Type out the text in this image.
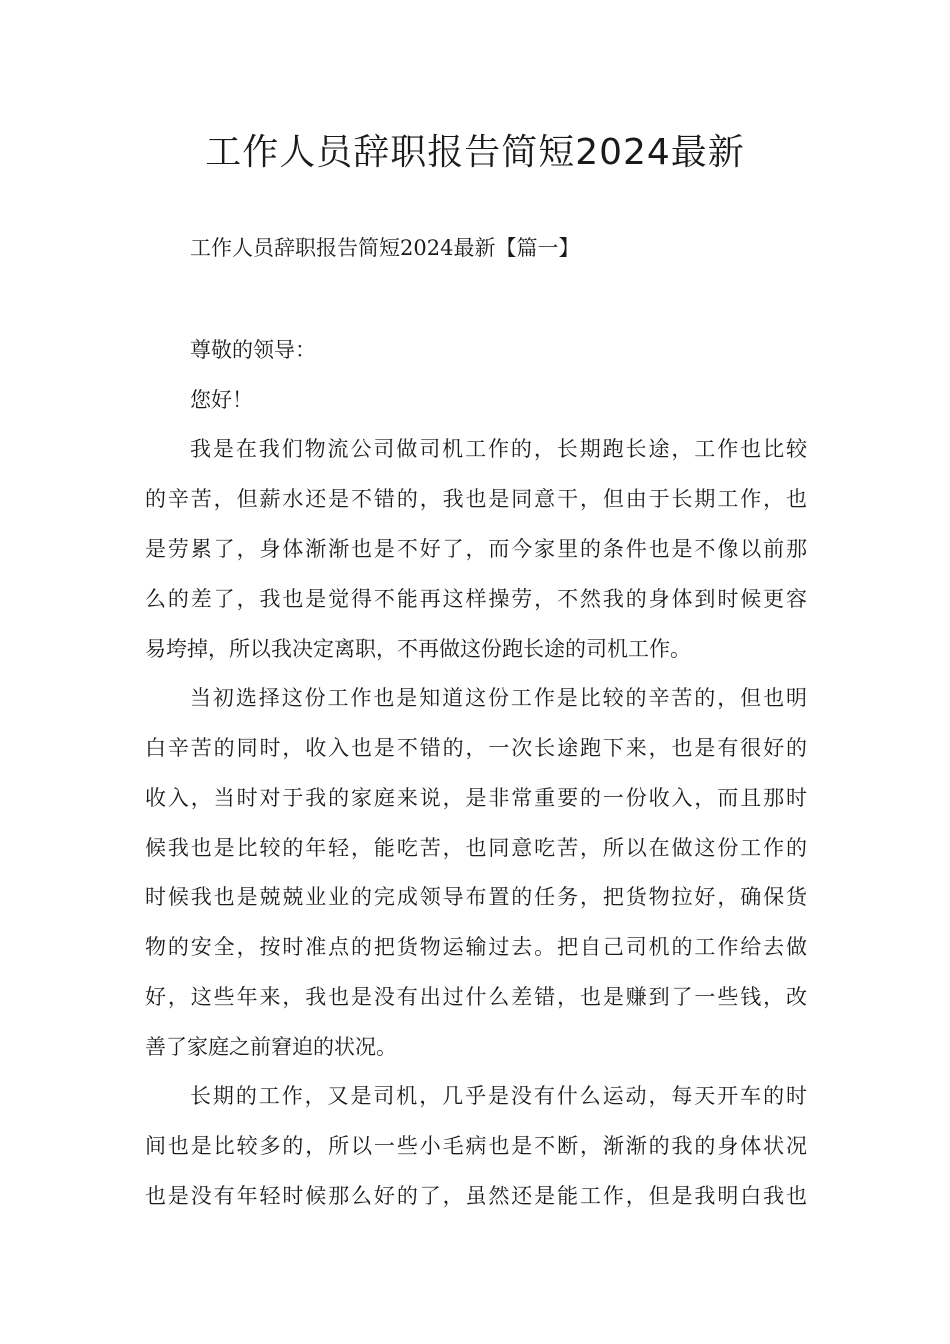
工作人员辞职报告简短2024最新

工作人员辞职报告简短2024最新【篇一】

尊敬的领导：

您好！

我是在我们物流公司做司机工作的，长期跑长途，工作也比较

的辛苦，但薪水还是不错的，我也是同意干，但由于长期工作，也

是劳累了，身体渐渐也是不好了，而今家里的条件也是不像以前那

么的差了，我也是觉得不能再这样操劳，不然我的身体到时候更容

易垮掉，所以我决定离职，不再做这份跑长途的司机工作。

当初选择这份工作也是知道这份工作是比较的辛苦的，但也明

白辛苦的同时，收入也是不错的，一次长途跑下来，也是有很好的

收入，当时对于我的家庭来说，是非常重要的一份收入，而且那时

候我也是比较的年轻，能吃苦，也同意吃苦，所以在做这份工作的

时候我也是兢兢业业的完成领导布置的任务，把货物拉好，确保货

物的安全，按时准点的把货物运输过去。把自己司机的工作给去做

好，这些年来，我也是没有出过什么差错，也是赚到了一些钱，改

善了家庭之前窘迫的状况。

长期的工作，又是司机，几乎是没有什么运动，每天开车的时

间也是比较多的，所以一些小毛病也是不断，渐渐的我的身体状况

也是没有年轻时候那么好的了，虽然还是能工作，但是我明白我也
